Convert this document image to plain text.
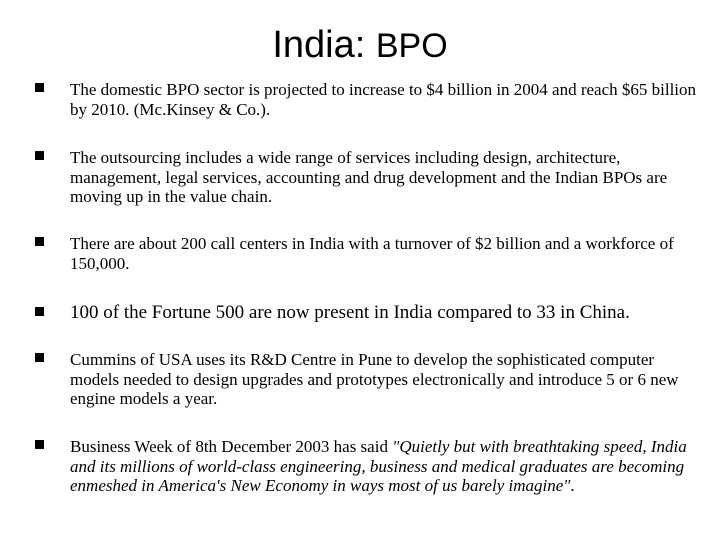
India: BPO
The domestic BPO sector is projected to increase to $4 billion in 2004 and reach $65 billion by 2010. (Mc.Kinsey & Co.).
The outsourcing includes a wide range of services including design, architecture, management, legal services, accounting and drug development and the Indian BPOs are moving up in the value chain.
There are about 200 call centers in India with a turnover of $2 billion and a workforce of 150,000.
100 of the Fortune 500 are now present in India compared to 33 in China.
Cummins of USA uses its R&D Centre in Pune to develop the sophisticated computer models needed to design upgrades and prototypes electronically and introduce 5 or 6 new engine models a year.
Business Week of 8th December 2003 has said "Quietly but with breathtaking speed, India and its millions of world-class engineering, business and medical graduates are becoming enmeshed in America's New Economy in ways most of us barely imagine".
